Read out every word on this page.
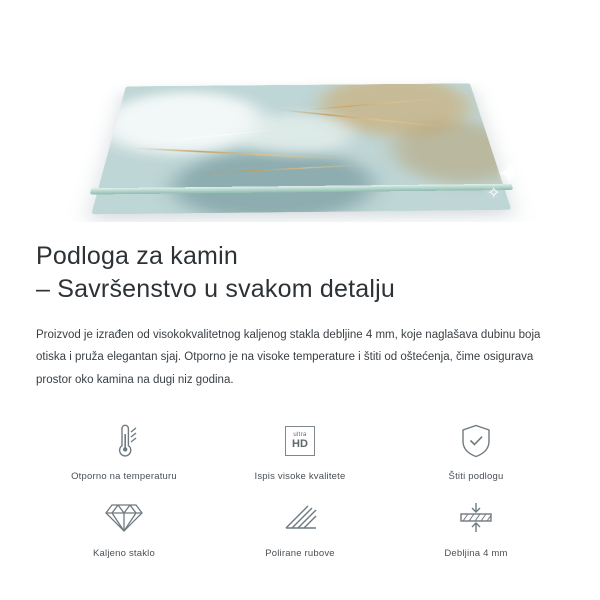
✦
✧
Podloga za kamin
– Savršenstvo u svakom detalju

Proizvod je izrađen od visokokvalitetnog kaljenog stakla debljine 4 mm, koje naglašava dubinu boja otiska i pruža elegantan sjaj. Otporno je na visoke temperature i štiti od oštećenja, čime osigurava prostor oko kamina na dugi niz godina.

Otporno na temperaturu
ultra
HD
Ispis visoke kvalitete	Štiti podlogu
Kaljeno staklo	Polirane rubove	Debljina 4 mm
